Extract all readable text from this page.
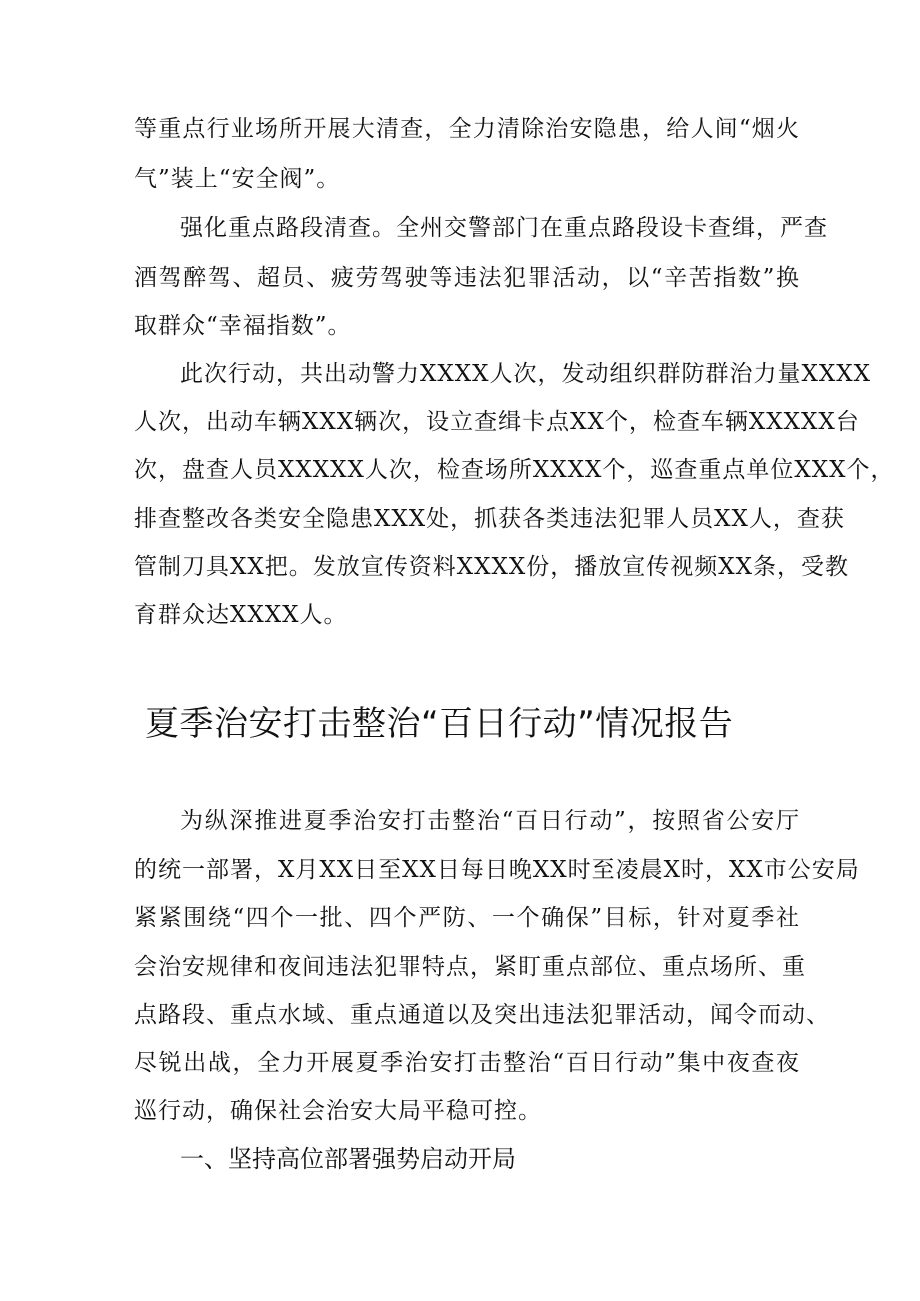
等重点行业场所开展大清查，全力清除治安隐患，给人间“烟火
气”装上“安全阀”。
强化重点路段清查。全州交警部门在重点路段设卡查缉，严查
酒驾醉驾、超员、疲劳驾驶等违法犯罪活动，以“辛苦指数”换
取群众“幸福指数”。
此次行动，共出动警力XXXX人次，发动组织群防群治力量XXXX
人次，出动车辆XXX辆次，设立查缉卡点XX个，检查车辆XXXXX台
次，盘查人员XXXXX人次，检查场所XXXX个，巡查重点单位XXX个，
排查整改各类安全隐患XXX处，抓获各类违法犯罪人员XX人，查获
管制刀具XX把。发放宣传资料XXXX份，播放宣传视频XX条，受教
育群众达XXXX人。
夏季治安打击整治“百日行动”情况报告
为纵深推进夏季治安打击整治“百日行动”，按照省公安厅
的统一部署，X月XX日至XX日每日晚XX时至凌晨X时，XX市公安局
紧紧围绕“四个一批、四个严防、一个确保”目标，针对夏季社
会治安规律和夜间违法犯罪特点，紧盯重点部位、重点场所、重
点路段、重点水域、重点通道以及突出违法犯罪活动，闻令而动、
尽锐出战，全力开展夏季治安打击整治“百日行动”集中夜查夜
巡行动，确保社会治安大局平稳可控。
一、坚持高位部署强势启动开局
